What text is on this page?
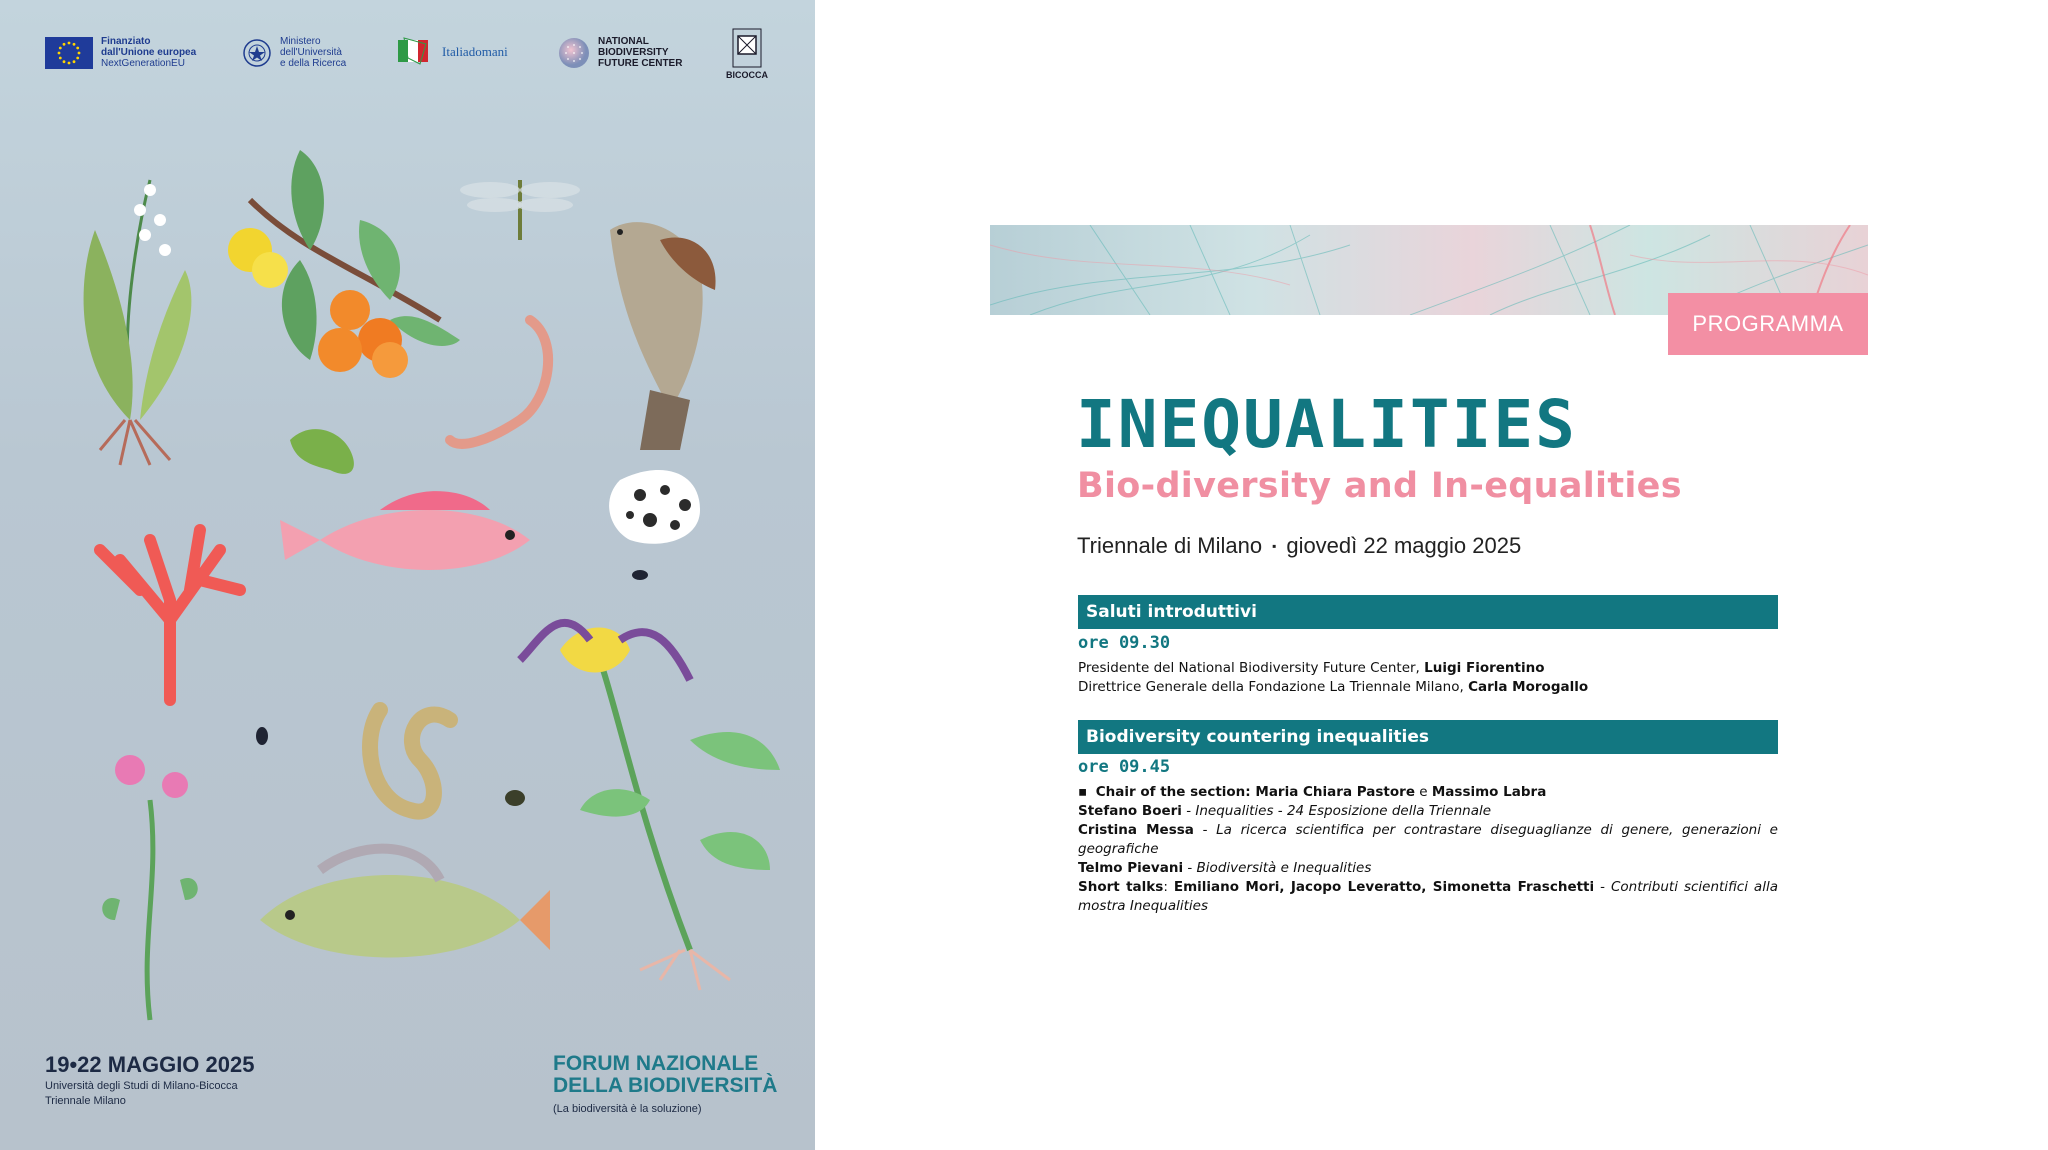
Finanziato
dall'Unione europea
NextGenerationEU
Ministero
dell'Università
e della Ricerca
Italiadomani
NATIONAL
BIODIVERSITY
FUTURE CENTER
BICOCCA
19•22 MAGGIO 2025
Università degli Studi di Milano-Bicocca
Triennale Milano
FORUM NAZIONALE
DELLA BIODIVERSITÀ
(La biodiversità è la soluzione)
PROGRAMMA
INEQUALITIES
Bio-diversity and In-equalities
Triennale di Milano ▪ giovedì 22 maggio 2025
Saluti introduttivi
ore 09.30
Presidente del National Biodiversity Future Center, Luigi Fiorentino
Direttrice Generale della Fondazione La Triennale Milano, Carla Morogallo
Biodiversity countering inequalities
ore 09.45
▪ Chair of the section: Maria Chiara Pastore e Massimo Labra
Stefano Boeri - Inequalities - 24 Esposizione della Triennale
Cristina Messa - La ricerca scientifica per contrastare diseguaglianze di genere, generazioni e geografiche
Telmo Pievani - Biodiversità e Inequalities
Short talks: Emiliano Mori, Jacopo Leveratto, Simonetta Fraschetti - Contributi scientifici alla mostra Inequalities
